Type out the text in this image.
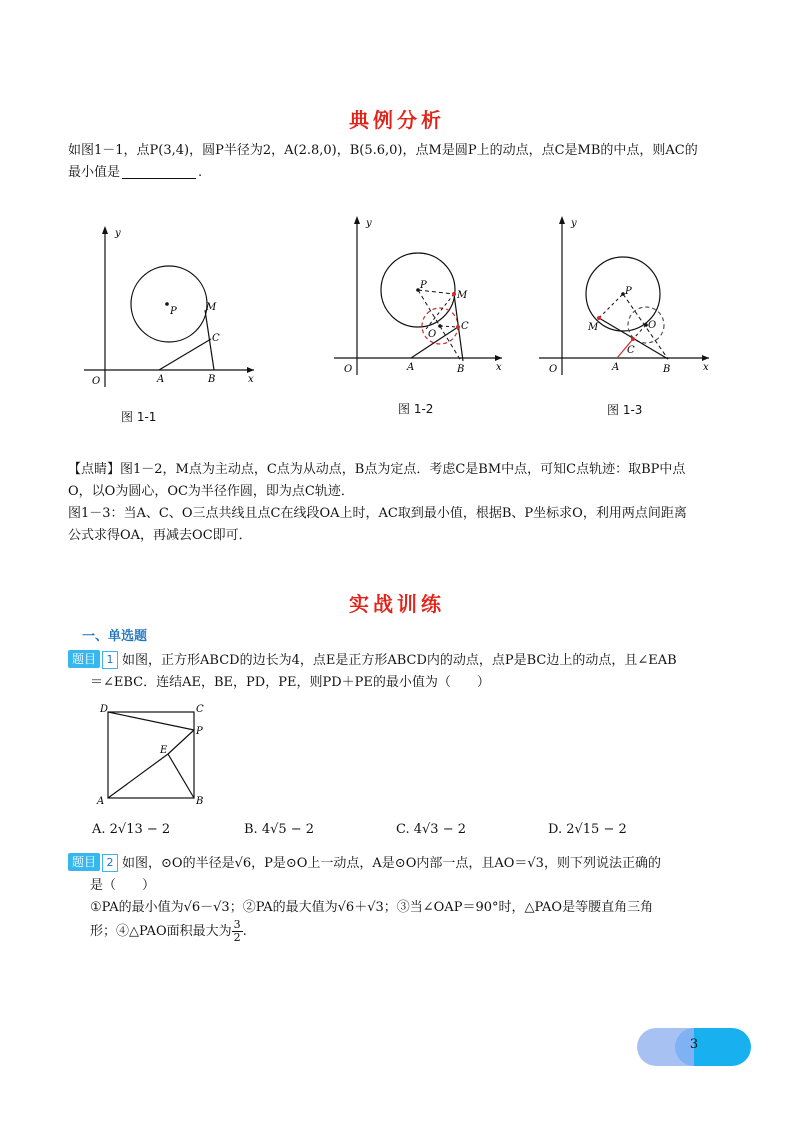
典例分析
如图1－1，点P(3,4)，圆P半径为2，A(2.8,0)，B(5.6,0)，点M是圆P上的动点，点C是MB的中点，则AC的
最小值是	.
y
O	A	B	x
P	M
C
图 1-1
y
O	A	B	x
P
M
C
O
图 1-2
y
O	A	B	x
P
M
C
O
图 1-3
【点睛】图1－2，M点为主动点，C点为从动点，B点为定点．考虑C是BM中点，可知C点轨迹：取BP中点
O，以O为圆心，OC为半径作圆，即为点C轨迹．
图1－3：当A、C、O三点共线且点C在线段OA上时，AC取到最小值，根据B、P坐标求O，利用两点间距离
公式求得OA，再减去OC即可．
实战训练
一、单选题
题目 1 如图，正方形ABCD的边长为4，点E是正方形ABCD内的动点，点P是BC边上的动点，且∠EAB
＝∠EBC．连结AE，BE，PD，PE，则PD＋PE的最小值为（　　）
D	C
P
E
A	B
A. 2√13 − 2	B. 4√5 − 2	C. 4√3 − 2	D. 2√15 − 2
题目 2 如图，⊙O的半径是√6，P是⊙O上一动点，A是⊙O内部一点，且AO＝√3，则下列说法正确的
是（　　）
①PA的最小值为√6－√3；②PA的最大值为√6＋√3；③当∠OAP＝90°时，△PAO是等腰直角三角
形；④△PAO面积最大为 $\frac{3}{2}$ .
3
